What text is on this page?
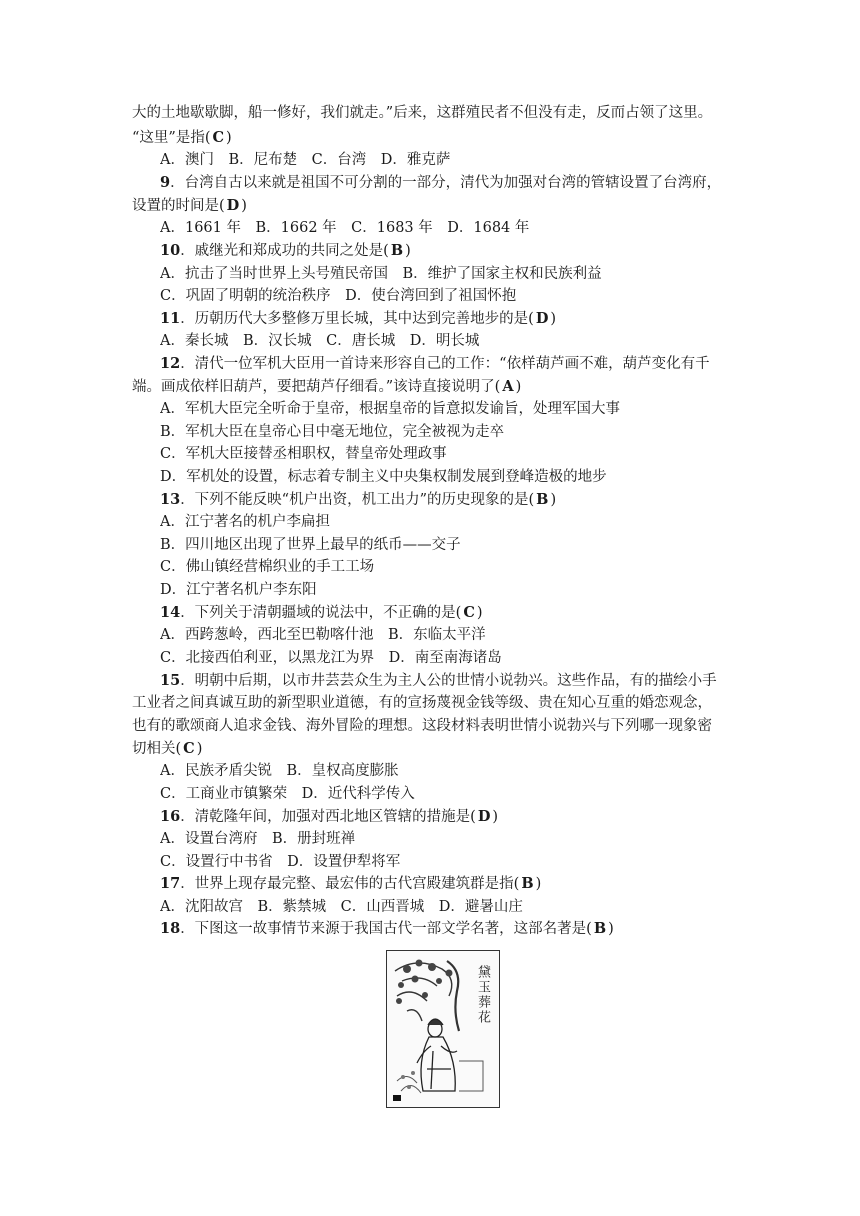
大的土地歇歇脚，船一修好，我们就走。”后来，这群殖民者不但没有走，反而占领了这里。
“这里”是指( C )
A．澳门　B．尼布楚　C．台湾　D．雅克萨
9．台湾自古以来就是祖国不可分割的一部分，清代为加强对台湾的管辖设置了台湾府，
设置的时间是( D )
A．1661 年　B．1662 年　C．1683 年　D．1684 年
10．戚继光和郑成功的共同之处是( B )
A．抗击了当时世界上头号殖民帝国　B．维护了国家主权和民族利益
C．巩固了明朝的统治秩序　D．使台湾回到了祖国怀抱
11．历朝历代大多整修万里长城，其中达到完善地步的是( D )
A．秦长城　B．汉长城　C．唐长城　D．明长城
12．清代一位军机大臣用一首诗来形容自己的工作：“依样葫芦画不难，葫芦变化有千
端。画成依样旧葫芦，要把葫芦仔细看。”该诗直接说明了( A )
A．军机大臣完全听命于皇帝，根据皇帝的旨意拟发谕旨，处理军国大事
B．军机大臣在皇帝心目中毫无地位，完全被视为走卒
C．军机大臣接替丞相职权，替皇帝处理政事
D．军机处的设置，标志着专制主义中央集权制发展到登峰造极的地步
13．下列不能反映“机户出资，机工出力”的历史现象的是( B )
A．江宁著名的机户李扁担
B．四川地区出现了世界上最早的纸币——交子
C．佛山镇经营棉织业的手工工场
D．江宁著名机户李东阳
14．下列关于清朝疆域的说法中，不正确的是( C )
A．西跨葱岭，西北至巴勒喀什池　B．东临太平洋
C．北接西伯利亚，以黑龙江为界　D．南至南海诸岛
15．明朝中后期，以市井芸芸众生为主人公的世情小说勃兴。这些作品，有的描绘小手
工业者之间真诚互助的新型职业道德，有的宣扬蔑视金钱等级、贵在知心互重的婚恋观念，
也有的歌颂商人追求金钱、海外冒险的理想。这段材料表明世情小说勃兴与下列哪一现象密
切相关( C )
A．民族矛盾尖锐　B．皇权高度膨胀
C．工商业市镇繁荣　D．近代科学传入
16．清乾隆年间，加强对西北地区管辖的措施是( D )
A．设置台湾府　B．册封班禅
C．设置行中书省　D．设置伊犁将军
17．世界上现存最完整、最宏伟的古代宫殿建筑群是指( B )
A．沈阳故宫　B．紫禁城　C．山西晋城　D．避暑山庄
18．下图这一故事情节来源于我国古代一部文学名著，这部名著是( B )
黛玉葬花
